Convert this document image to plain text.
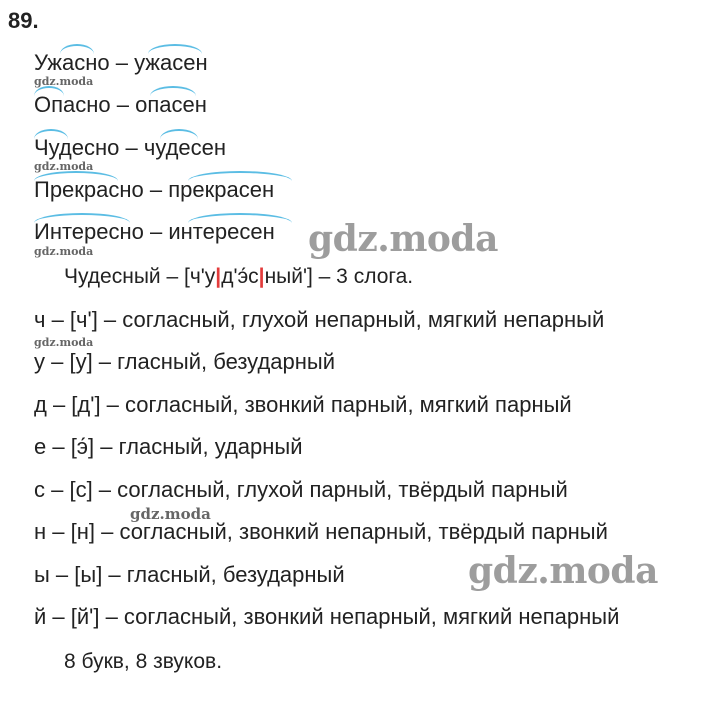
89.
Ужасно – ужасен
Опасно – опасен
Чудесно – чудесен
Прекрасно – прекрасен
Интересно – интересен
Чудесный – [ч'у|д'э́с|ный'] – 3 слога.
ч – [ч'] – согласный, глухой непарный, мягкий непарный
у – [у] – гласный, безударный
д – [д'] – согласный, звонкий парный, мягкий парный
е – [э́] – гласный, ударный
с – [с] – согласный, глухой парный, твёрдый парный
н – [н] – согласный, звонкий непарный, твёрдый парный
ы – [ы] – гласный, безударный
й – [й'] – согласный, звонкий непарный, мягкий непарный
8 букв, 8 звуков.
gdz.moda
gdz.moda
gdz.moda
gdz.moda
gdz.moda
gdz.moda
gdz.moda
